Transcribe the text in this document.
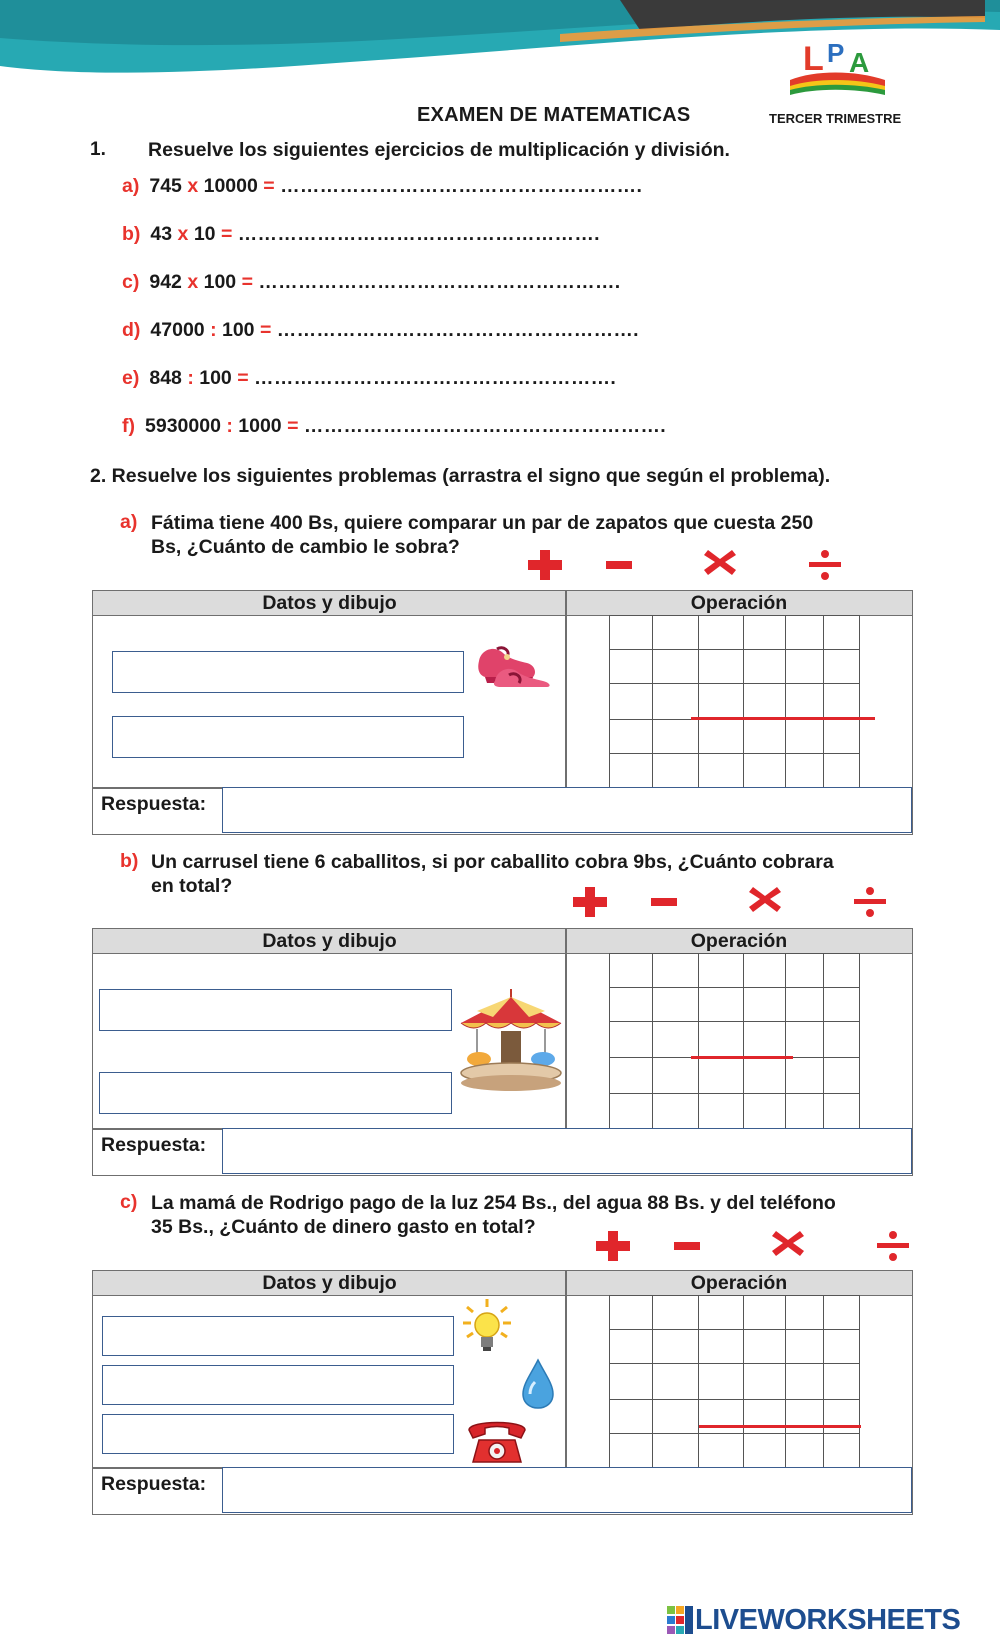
L P A
EXAMEN DE MATEMATICAS	TERCER TRIMESTRE
1. Resuelve los siguientes ejercicios de multiplicación y división.
a) 745 x 10000 = ……………………………………………….
b) 43 x 10 = ……………………………………………….
c) 942 x 100 = ……………………………………………….
d) 47000 : 100 = ……………………………………………….
e) 848 : 100 = ……………………………………………….
f) 5930000 : 1000 = ……………………………………………….
2. Resuelve los siguientes problemas (arrastra el signo que según el problema).
a) Fátima tiene 400 Bs, quiere comparar un par de zapatos que cuesta 250
Bs, ¿Cuánto de cambio le sobra?
Datos y dibujo	Operación
Respuesta:
b) Un carrusel tiene 6 caballitos, si por caballito cobra 9bs, ¿Cuánto cobrara
en total?
Datos y dibujo	Operación
Respuesta:
c) La mamá de Rodrigo pago de la luz 254 Bs., del agua 88 Bs. y del teléfono
35 Bs., ¿Cuánto de dinero gasto en total?
Datos y dibujo	Operación
Respuesta:
LIVEWORKSHEETS
